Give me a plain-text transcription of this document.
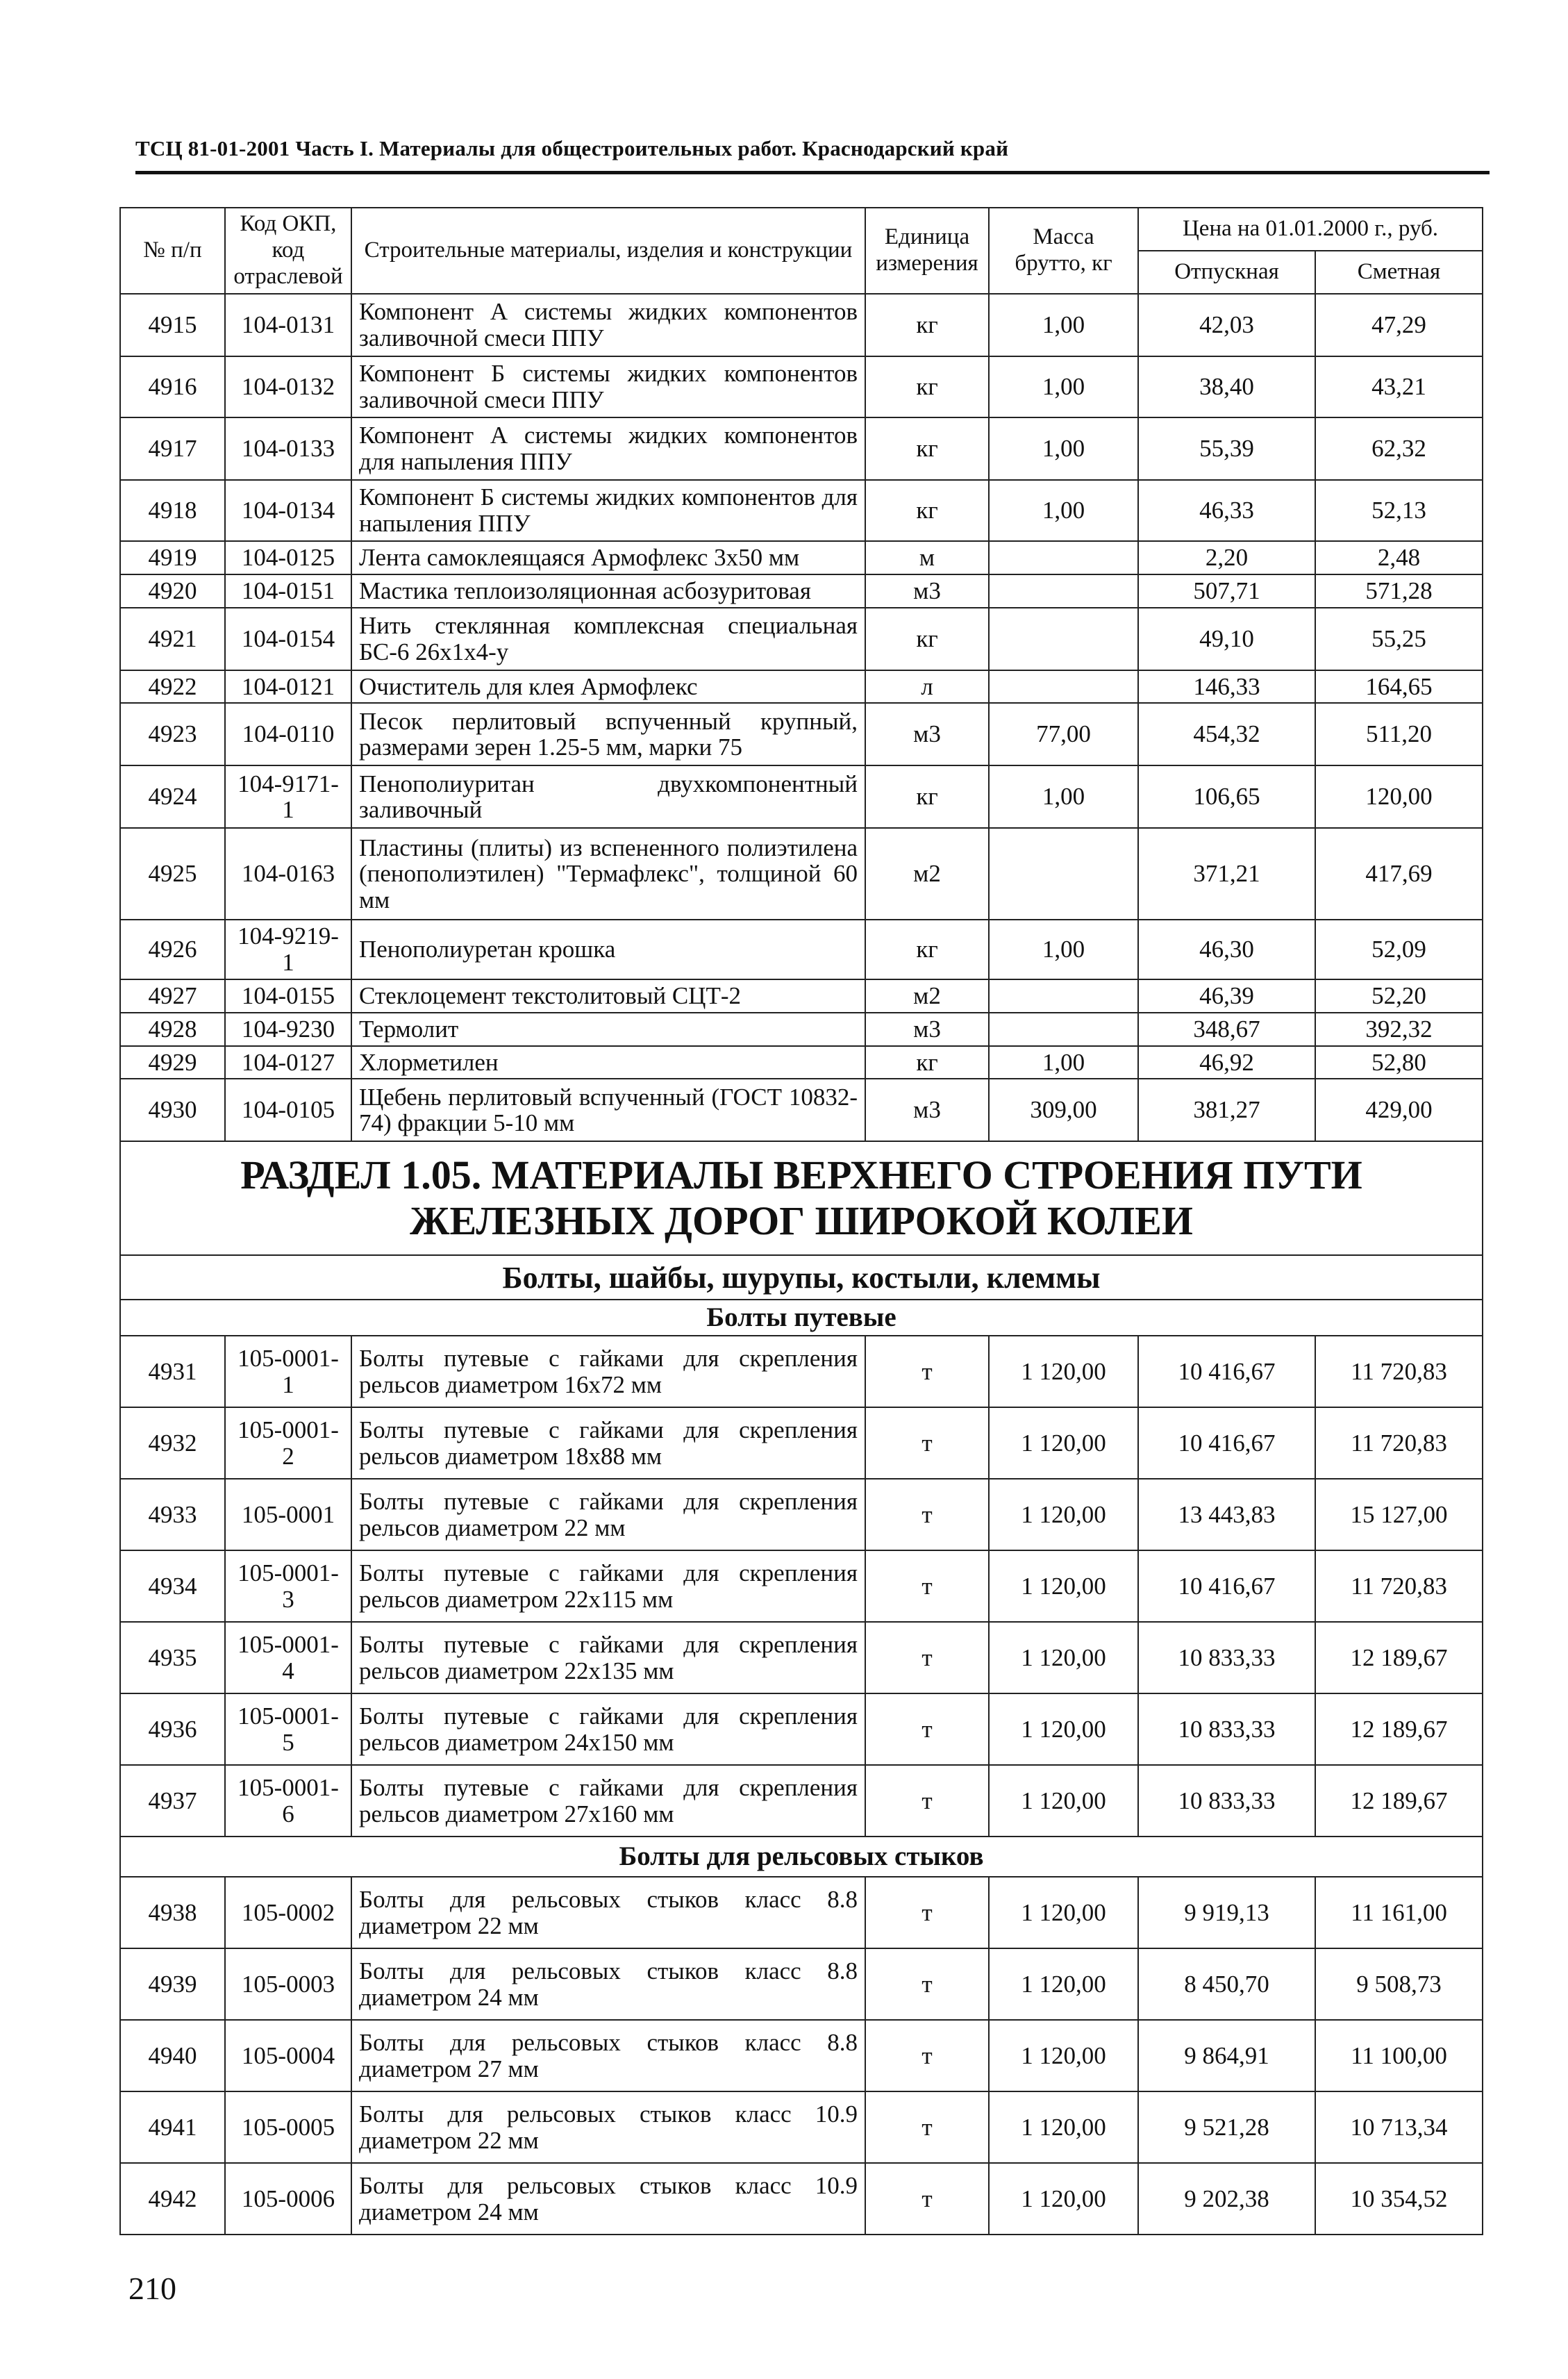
ТСЦ 81-01-2001 Часть I. Материалы для общестроительных работ. Краснодарский край
№ п/п	Код ОКП, код отраслевой	Строительные материалы, изделия и конструкции	Единица измерения	Масса брутто, кг	Цена на 01.01.2000 г., руб.	
					Отпускная	Сметная
4915	104-0131	Компонент А системы жидких компонентов заливочной смеси ППУ	кг	1,00	42,03	47,29
4916	104-0132	Компонент Б системы жидких компонентов заливочной смеси ППУ	кг	1,00	38,40	43,21
4917	104-0133	Компонент А системы жидких компонентов для напыления ППУ	кг	1,00	55,39	62,32
4918	104-0134	Компонент Б системы жидких компонентов для напыления ППУ	кг	1,00	46,33	52,13
4919	104-0125	Лента самоклеящаяся Армофлекс 3х50 мм	м		2,20	2,48
4920	104-0151	Мастика теплоизоляционная асбозуритовая	м3		507,71	571,28
4921	104-0154	Нить стеклянная комплексная специальная БС-6 26х1х4-у	кг		49,10	55,25
4922	104-0121	Очиститель для клея Армофлекс	л		146,33	164,65
4923	104-0110	Песок перлитовый вспученный крупный, размерами зерен 1.25-5 мм, марки 75	м3	77,00	454,32	511,20
4924	104-9171-1	Пенополиуритан двухкомпонентный заливочный	кг	1,00	106,65	120,00
4925	104-0163	Пластины (плиты) из вспененного полиэтилена (пенополиэтилен) "Термафлекс", толщиной 60 мм	м2		371,21	417,69
4926	104-9219-1	Пенополиуретан крошка	кг	1,00	46,30	52,09
4927	104-0155	Стеклоцемент текстолитовый СЦТ-2	м2		46,39	52,20
4928	104-9230	Термолит	м3		348,67	392,32
4929	104-0127	Хлорметилен	кг	1,00	46,92	52,80
4930	104-0105	Щебень перлитовый вспученный (ГОСТ 10832-74) фракции 5-10 мм	м3	309,00	381,27	429,00
РАЗДЕЛ 1.05. МАТЕРИАЛЫ ВЕРХНЕГО СТРОЕНИЯ ПУТИ ЖЕЛЕЗНЫХ ДОРОГ ШИРОКОЙ КОЛЕИ						
Болты, шайбы, шурупы, костыли, клеммы						
Болты путевые						
4931	105-0001-1	Болты путевые с гайками для скрепления рельсов диаметром 16х72 мм	т	1 120,00	10 416,67	11 720,83
4932	105-0001-2	Болты путевые с гайками для скрепления рельсов диаметром 18х88 мм	т	1 120,00	10 416,67	11 720,83
4933	105-0001	Болты путевые с гайками для скрепления рельсов диаметром 22 мм	т	1 120,00	13 443,83	15 127,00
4934	105-0001-3	Болты путевые с гайками для скрепления рельсов диаметром 22х115 мм	т	1 120,00	10 416,67	11 720,83
4935	105-0001-4	Болты путевые с гайками для скрепления рельсов диаметром 22х135 мм	т	1 120,00	10 833,33	12 189,67
4936	105-0001-5	Болты путевые с гайками для скрепления рельсов диаметром 24х150 мм	т	1 120,00	10 833,33	12 189,67
4937	105-0001-6	Болты путевые с гайками для скрепления рельсов диаметром 27х160 мм	т	1 120,00	10 833,33	12 189,67
Болты для рельсовых стыков						
4938	105-0002	Болты для рельсовых стыков класс 8.8 диаметром 22 мм	т	1 120,00	9 919,13	11 161,00
4939	105-0003	Болты для рельсовых стыков класс 8.8 диаметром 24 мм	т	1 120,00	8 450,70	9 508,73
4940	105-0004	Болты для рельсовых стыков класс 8.8 диаметром 27 мм	т	1 120,00	9 864,91	11 100,00
4941	105-0005	Болты для рельсовых стыков класс 10.9 диаметром 22 мм	т	1 120,00	9 521,28	10 713,34
4942	105-0006	Болты для рельсовых стыков класс 10.9 диаметром 24 мм	т	1 120,00	9 202,38	10 354,52
210
